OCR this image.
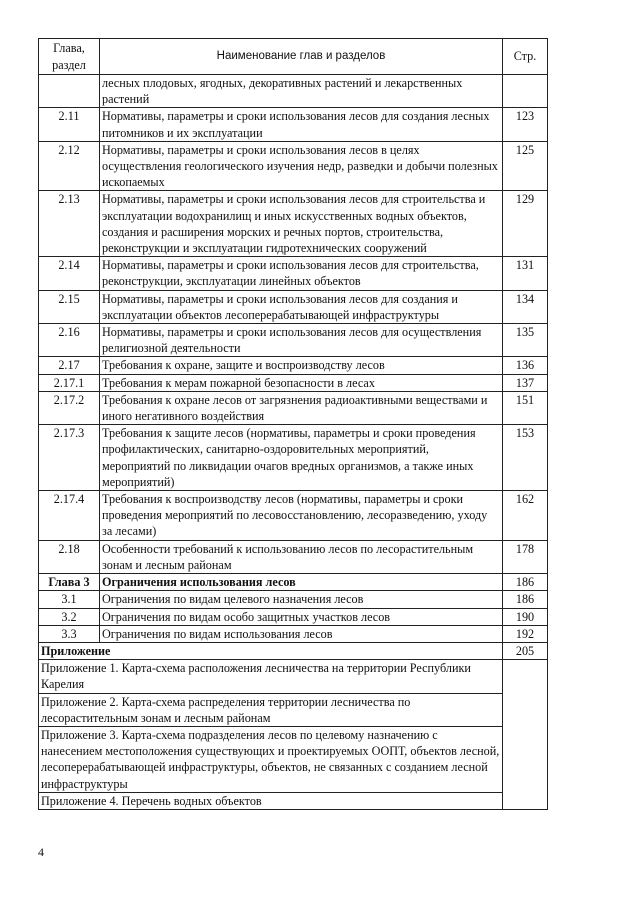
Глава,
раздел	Наименование глав и разделов	Стр.
	лесных плодовых, ягодных, декоративных растений и лекарственных растений	
2.11	Нормативы, параметры и сроки использования лесов для создания лесных питомников и их эксплуатации	123
2.12	Нормативы, параметры и сроки использования лесов в целях осуществления геологического изучения недр, разведки и добычи полезных ископаемых	125
2.13	Нормативы, параметры и сроки использования лесов для строительства и эксплуатации водохранилищ и иных искусственных водных объектов, создания и расширения морских и речных портов, строительства, реконструкции и эксплуатации гидротехнических сооружений	129
2.14	Нормативы, параметры и сроки использования лесов для строительства, реконструкции, эксплуатации линейных объектов	131
2.15	Нормативы, параметры и сроки использования лесов для создания и эксплуатации объектов лесоперерабатывающей инфраструктуры	134
2.16	Нормативы, параметры и сроки использования лесов для осуществления религиозной деятельности	135
2.17	Требования к охране, защите и воспроизводству лесов	136
2.17.1	Требования к мерам пожарной безопасности в лесах	137
2.17.2	Требования к охране лесов от загрязнения радиоактивными веществами и иного негативного воздействия	151
2.17.3	Требования к защите лесов (нормативы, параметры и сроки проведения профилактических, санитарно-оздоровительных мероприятий, мероприятий по ликвидации очагов вредных организмов, а также иных мероприятий)	153
2.17.4	Требования к воспроизводству лесов (нормативы, параметры и сроки проведения мероприятий по лесовосстановлению, лесоразведению, уходу за лесами)	162
2.18	Особенности требований к использованию лесов по лесорастительным зонам и лесным районам	178
Глава 3	Ограничения использования лесов	186
3.1	Ограничения по видам целевого назначения лесов	186
3.2	Ограничения по видам особо защитных участков лесов	190
3.3	Ограничения по видам использования лесов	192
Приложение		205
Приложение 1. Карта-схема расположения лесничества на территории Республики Карелия		
Приложение 2. Карта-схема распределения территории лесничества по лесорастительным зонам и лесным районам		
Приложение 3. Карта-схема подразделения лесов по целевому назначению с нанесением местоположения существующих и проектируемых ООПТ, объектов лесной, лесоперерабатывающей инфраструктуры, объектов, не связанных с созданием лесной инфраструктуры		
Приложение 4. Перечень водных объектов		
4
